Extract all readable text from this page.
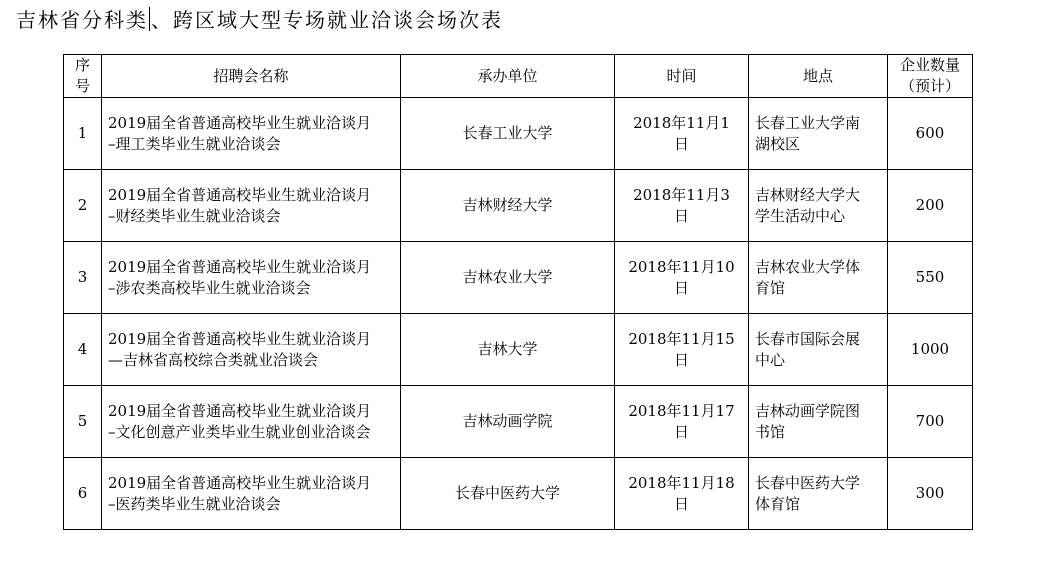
吉林省分科类 、跨区域大型专场就业洽谈会场次表
序
号	招聘会名称	承办单位	时间	地点	企业数量
（预计）
1	2019届全省普通高校毕业生就业洽谈月
–理工类毕业生就业洽谈会	长春工业大学	2018年11月1
日	长春工业大学南
湖校区	600
2	2019届全省普通高校毕业生就业洽谈月
–财经类毕业生就业洽谈会	吉林财经大学	2018年11月3
日	吉林财经大学大
学生活动中心	200
3	2019届全省普通高校毕业生就业洽谈月
–涉农类高校毕业生就业洽谈会	吉林农业大学	2018年11月10
日	吉林农业大学体
育馆	550
4	2019届全省普通高校毕业生就业洽谈月
—吉林省高校综合类就业洽谈会	吉林大学	2018年11月15
日	长春市国际会展
中心	1000
5	2019届全省普通高校毕业生就业洽谈月
–文化创意产业类毕业生就业创业洽谈会	吉林动画学院	2018年11月17
日	吉林动画学院图
书馆	700
6	2019届全省普通高校毕业生就业洽谈月
–医药类毕业生就业洽谈会	长春中医药大学	2018年11月18
日	长春中医药大学
体育馆	300
